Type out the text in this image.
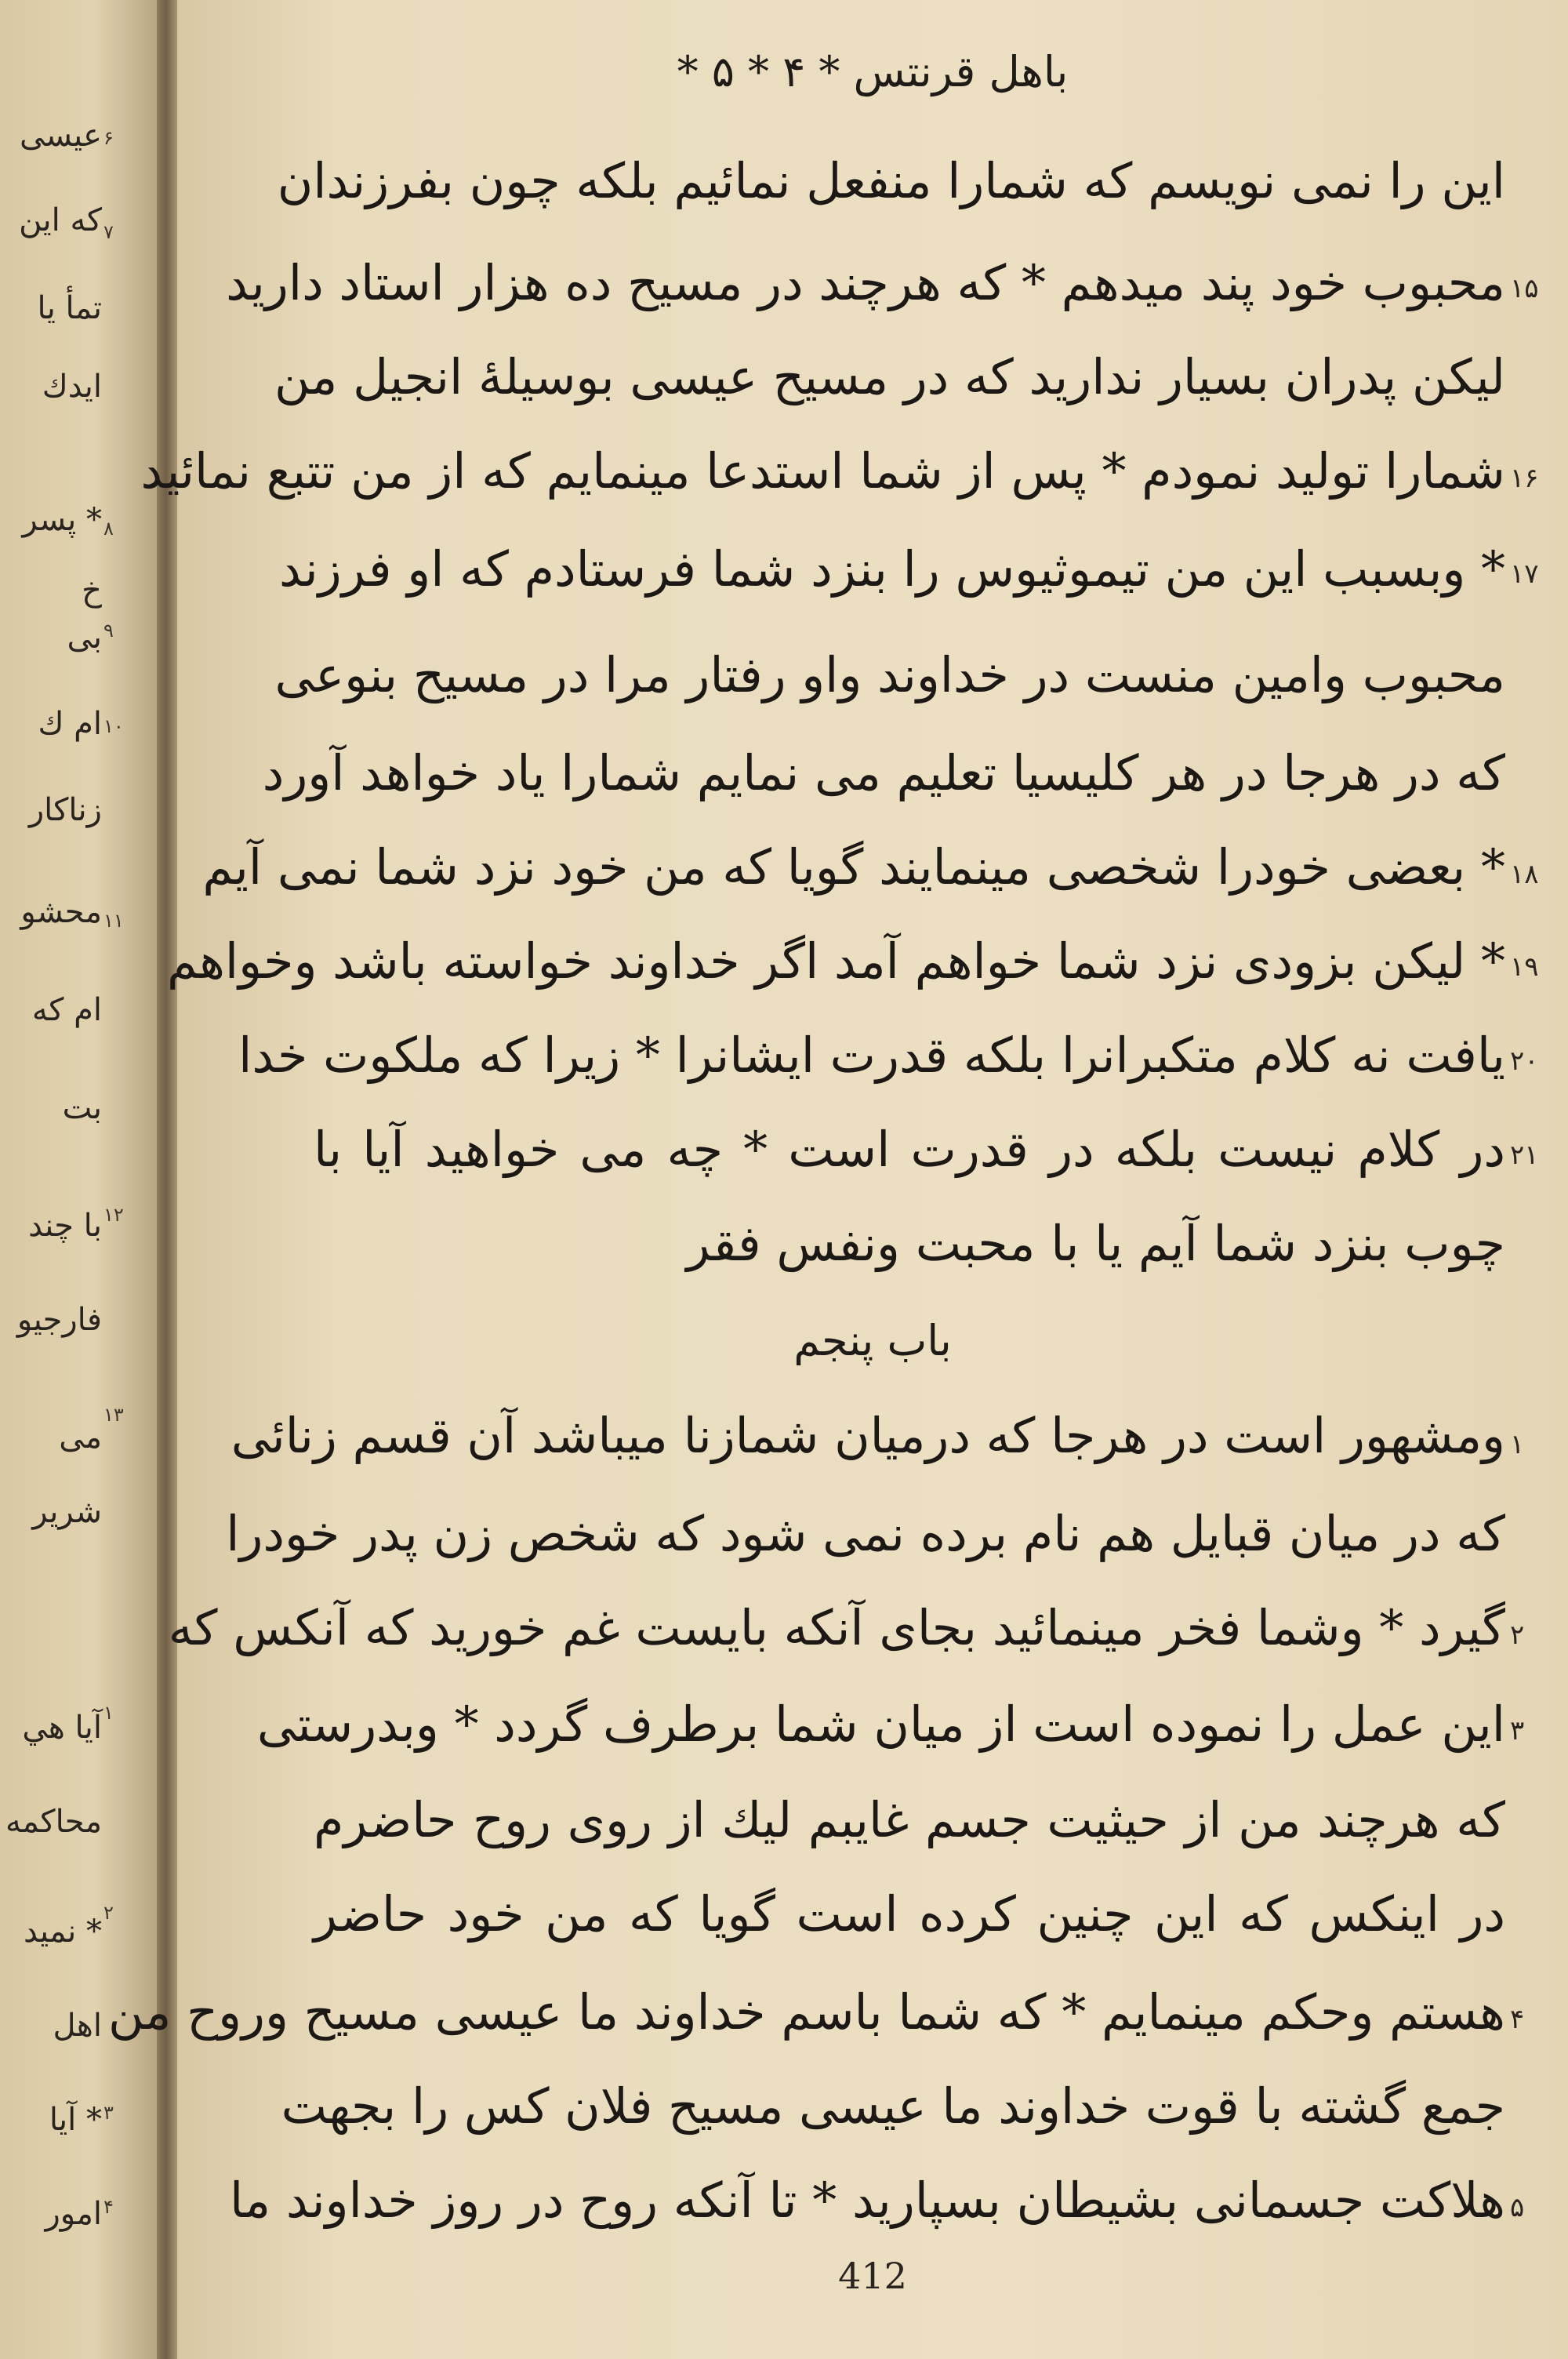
عيسى ۶
كه اين ۷
تمأ يا
ايدك
* پسر ۸
خ
بى ۹
ام ك ۱۰
زناكار
محشو ۱۱
ام كه
بت
با چند ۱۲
فارجيو
مى
۱۳
شرير
آيا هي ۱
محاكمه
* نميد
۲
اهل
* آيا ۳
امور ۴
باهل قرنتس * ۴ * ۵ *
اين را نمى نويسم كه شمارا منفعل نمائيم بلكه چون بفرزندان
۱۵
محبوب خود پند ميدهم * كه هرچند در مسيح ده هزار استاد داريد
ليكن پدران بسيار نداريد كه در مسيح عيسى بوسيلهٔ انجيل من
۱۶
شمارا توليد نمودم * پس از شما استدعا مينمايم كه از من تتبع نمائيد
۱۷
* وبسبب اين من تيموثيوس را بنزد شما فرستادم كه او فرزند
محبوب وامين منست در خداوند واو رفتار مرا در مسيح بنوعى
كه در هرجا در هر كليسيا تعليم مى نمايم شمارا ياد خواهد آورد
۱۸
* بعضى خودرا شخصى مينمايند گويا كه من خود نزد شما نمى آيم
۱۹
* ليكن بزودى نزد شما خواهم آمد اگر خداوند خواسته باشد وخواهم
۲۰
يافت نه كلام متكبرانرا بلكه قدرت ايشانرا * زيرا كه ملكوت خدا
۲۱
در كلام نيست بلكه در قدرت است * چه مى خواهيد آيا با
چوب بنزد شما آيم يا با محبت ونفس فقر
باب پنجم
۱
ومشهور است در هرجا كه درميان شمازنا ميباشد آن قسم زنائى
كه در ميان قبايل هم نام برده نمى شود كه شخص زن پدر خودرا
۲
گيرد * وشما فخر مينمائيد بجاى آنكه بايست غم خوريد كه آنكس كه
۳
اين عمل را نموده است از ميان شما برطرف گردد * وبدرستى
كه هرچند من از حيثيت جسم غايبم ليك از روى روح حاضرم
در اينكس كه اين چنين كرده است گويا كه من خود حاضر
۴
هستم وحكم مينمايم * كه شما باسم خداوند ما عيسى مسيح وروح من
جمع گشته با قوت خداوند ما عيسى مسيح فلان كس را بجهت
۵
هلاكت جسمانى بشيطان بسپاريد * تا آنكه روح در روز خداوند ما
412
